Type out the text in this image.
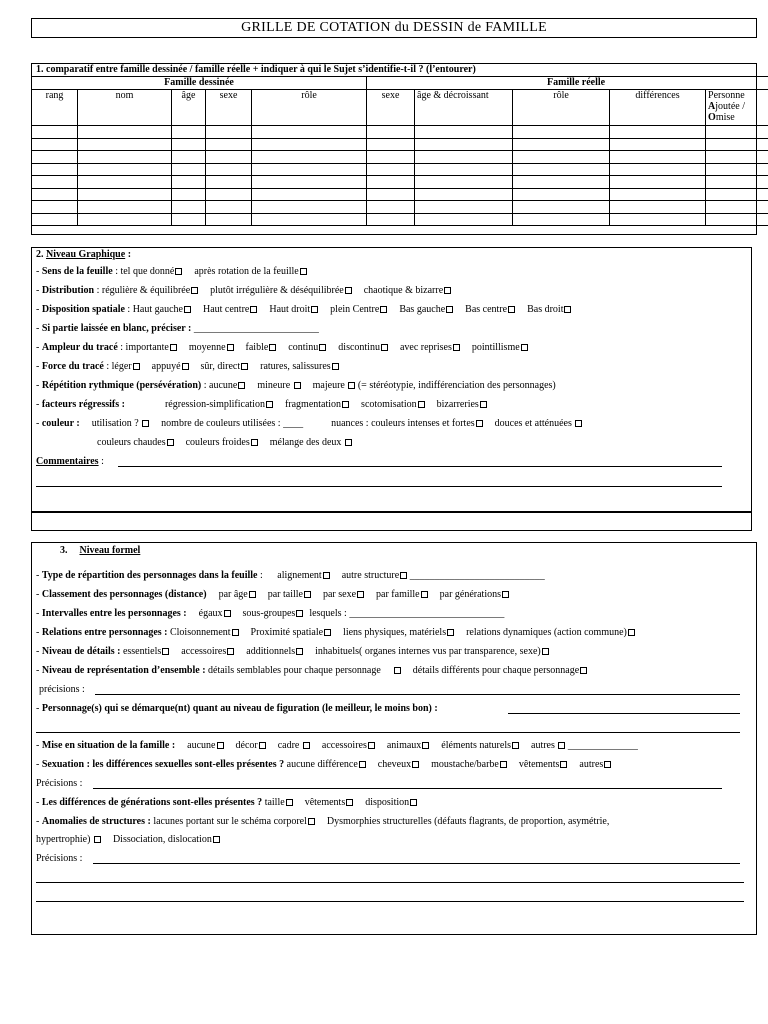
GRILLE DE COTATION du DESSIN de FAMILLE
1. comparatif entre famille dessinée / famille réelle + indiquer à qui le Sujet s’identifie-t-il ? (l’entourer)
Famille dessinée					Famille réelle				
rang	nom	âge	sexe	rôle	sexe	âge & décroissant	rôle	différences	Personne
Ajoutée /
Omise

2. Niveau Graphique :
- Sens de la feuille : tel que donné après rotation de la feuille
- Distribution : régulière & équilibrée plutôt irrégulière & déséquilibrée chaotique & bizarre
- Disposition spatiale : Haut gauche Haut centre Haut droit plein Centre Bas gauche Bas centre Bas droit
- Si partie laissée en blanc, préciser : _________________________
- Ampleur du tracé : importante moyenne faible continu discontinu avec reprises pointillisme
- Force du tracé : léger appuyé sûr, direct ratures, salissures
- Répétition rythmique (persévération) : aucune mineure majeure  (= stéréotypie, indifférenciation des personnages)
- facteurs régressifs :	régression-simplification fragmentation scotomisation bizarreries
- couleur : utilisation ? nombre de couleurs utilisées : ____	nuances : couleurs intenses et fortes douces et atténuées
couleurs chaudes couleurs froides mélange des deux
Commentaires :
3. Niveau formel
- Type de répartition des personnages dans la feuille : alignement autre structure ___________________________
- Classement des personnages (distance) par âge par taille par sexe par famille par générations
- Intervalles entre les personnages : égaux sous-groupes lesquels : _______________________________
- Relations entre personnages : Cloisonnement Proximité spatiale liens physiques, matériels relations dynamiques (action commune)
- Niveau de détails : essentiels accessoires additionnels inhabituels( organes internes vus par transparence, sexe)
- Niveau de représentation d’ensemble : détails semblables pour chaque personnage	détails différents pour chaque personnage
précisions :
- Personnage(s) qui se démarque(nt) quant au niveau de figuration (le meilleur, le moins bon) :
- Mise en situation de la famille : aucune décor cadre accessoires animaux éléments naturels autres  ______________
- Sexuation : les différences sexuelles sont-elles présentes ? aucune différence cheveux moustache/barbe vêtements autres
Précisions :
- Les différences de générations sont-elles présentes ? taille vêtements disposition
- Anomalies de structures : lacunes portant sur le schéma corporel Dysmorphies structurelles (défauts flagrants, de proportion, asymétrie,
hypertrophie) Dissociation, dislocation
Précisions :
